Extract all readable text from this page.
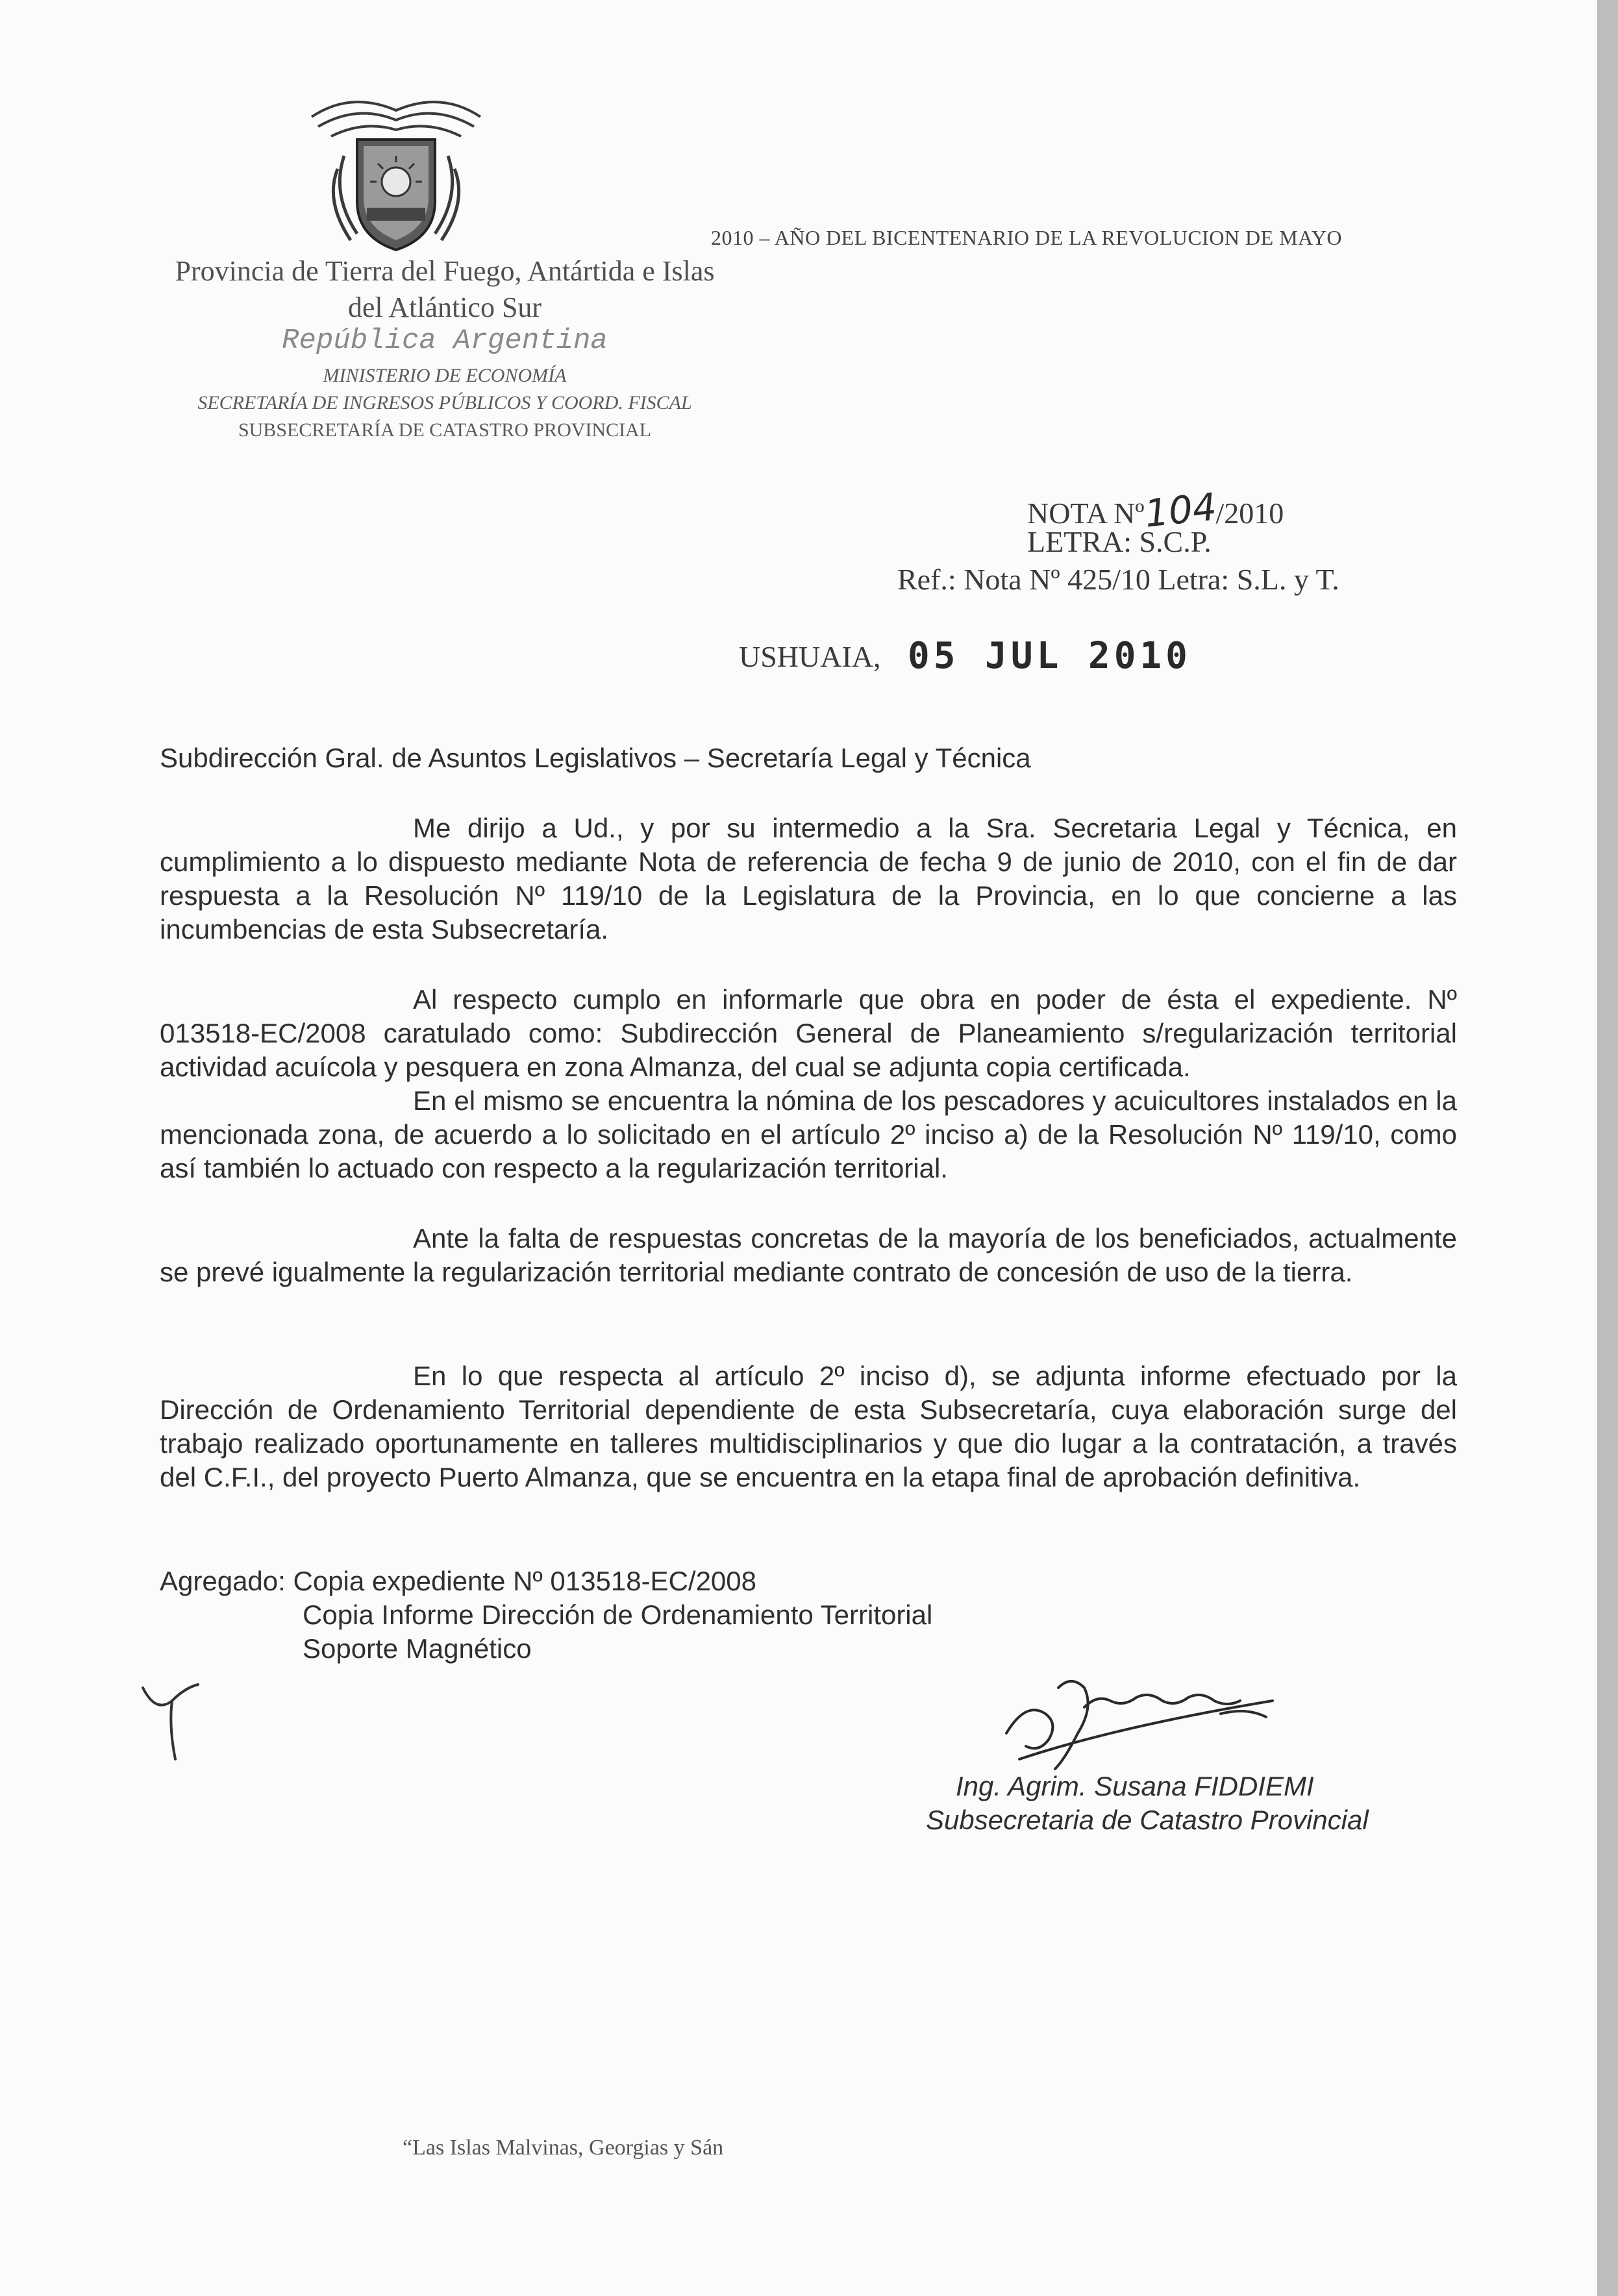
2010 – AÑO DEL BICENTENARIO DE LA REVOLUCION DE MAYO
Provincia de Tierra del Fuego, Antártida e Islas
del Atlántico Sur
República Argentina
MINISTERIO DE ECONOMÍA
SECRETARÍA DE INGRESOS PÚBLICOS Y COORD. FISCAL
SUBSECRETARÍA DE CATASTRO PROVINCIAL
NOTA Nº104/2010
LETRA: S.C.P.
Ref.: Nota Nº 425/10 Letra: S.L. y T.
USHUAIA, 05 JUL 2010
Subdirección Gral. de Asuntos Legislativos – Secretaría Legal y Técnica
Me dirijo a Ud., y por su intermedio a la Sra. Secretaria Legal y Técnica, en cumplimiento a lo dispuesto mediante Nota de referencia de fecha 9 de junio de 2010, con el fin de dar respuesta a la Resolución Nº 119/10 de la Legislatura de la Provincia, en lo que concierne a las incumbencias de esta Subsecretaría.
Al respecto cumplo en informarle que obra en poder de ésta el expediente. Nº 013518-EC/2008 caratulado como: Subdirección General de Planeamiento s/regularización territorial actividad acuícola y pesquera en zona Almanza, del cual se adjunta copia certificada.
En el mismo se encuentra la nómina de los pescadores y acuicultores instalados en la mencionada zona, de acuerdo a lo solicitado en el artículo 2º inciso a) de la Resolución Nº 119/10, como así también lo actuado con respecto a la regularización territorial.
Ante la falta de respuestas concretas de la mayoría de los beneficiados, actualmente se prevé igualmente la regularización territorial mediante contrato de concesión de uso de la tierra.
En lo que respecta al artículo 2º inciso d), se adjunta informe efectuado por la Dirección de Ordenamiento Territorial dependiente de esta Subsecretaría, cuya elaboración surge del trabajo realizado oportunamente en talleres multidisciplinarios y que dio lugar a la contratación, a través del C.F.I., del proyecto Puerto Almanza, que se encuentra en la etapa final de aprobación definitiva.
Agregado: Copia expediente Nº 013518-EC/2008
Copia Informe Dirección de Ordenamiento Territorial
Soporte Magnético
Ing. Agrim. Susana FIDDIEMI
Subsecretaria de Catastro Provincial
“Las Islas Malvinas, Georgias y Sán
